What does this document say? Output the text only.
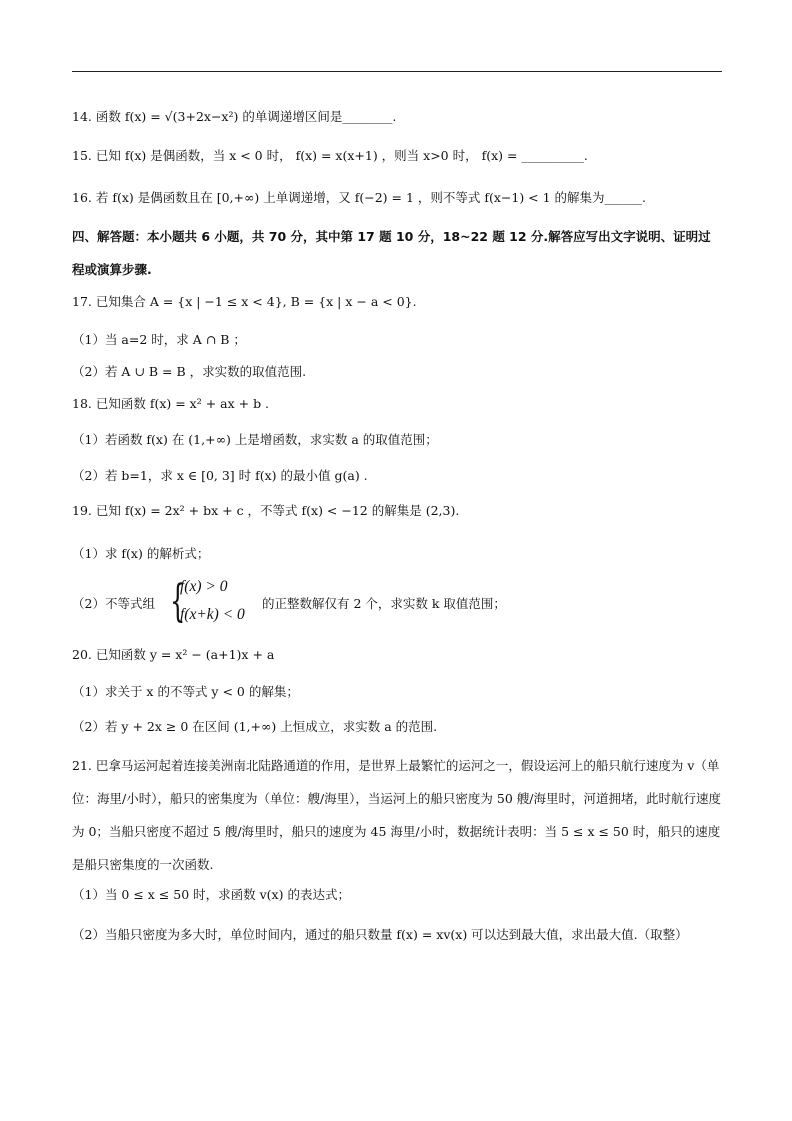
14. 函数 f(x) = √(3+2x−x²) 的单调递增区间是________.
15. 已知 f(x) 是偶函数，当 x < 0 时， f(x) = x(x+1) ，则当 x>0 时， f(x) = __________.
16. 若 f(x) 是偶函数且在 [0,+∞) 上单调递增，又 f(−2) = 1 ，则不等式 f(x−1) < 1 的解集为______.
四、解答题：本小题共 6 小题，共 70 分，其中第 17 题 10 分，18~22 题 12 分.解答应写出文字说明、证明过程或演算步骤.
17. 已知集合 A = {x | −1 ≤ x < 4}, B = {x | x − a < 0}.
（1）当 a=2 时，求 A ∩ B ；
（2）若 A ∪ B = B ，求实数的取值范围.
18. 已知函数 f(x) = x² + ax + b .
（1）若函数 f(x) 在 (1,+∞) 上是增函数，求实数 a 的取值范围；
（2）若 b=1，求 x ∈ [0, 3] 时 f(x) 的最小值 g(a) .
19. 已知 f(x) = 2x² + bx + c ，不等式 f(x) < −12 的解集是 (2,3).
（1）求 f(x) 的解析式；
（2）不等式组 {
f(x) > 0
f(x+k) < 0
的正整数解仅有 2 个，求实数 k 取值范围；
20. 已知函数 y = x² − (a+1)x + a
（1）求关于 x 的不等式 y < 0 的解集；
（2）若 y + 2x ≥ 0 在区间 (1,+∞) 上恒成立，求实数 a 的范围.
21. 巴拿马运河起着连接美洲南北陆路通道的作用，是世界上最繁忙的运河之一，假设运河上的船只航行速度为 v（单位：海里/小时），船只的密集度为（单位：艘/海里），当运河上的船只密度为 50 艘/海里时，河道拥堵，此时航行速度为 0；当船只密度不超过 5 艘/海里时，船只的速度为 45 海里/小时，数据统计表明：当 5 ≤ x ≤ 50 时，船只的速度是船只密集度的一次函数.
（1）当 0 ≤ x ≤ 50 时，求函数 v(x) 的表达式；
（2）当船只密度为多大时，单位时间内，通过的船只数量 f(x) = xv(x) 可以达到最大值，求出最大值.（取整）
